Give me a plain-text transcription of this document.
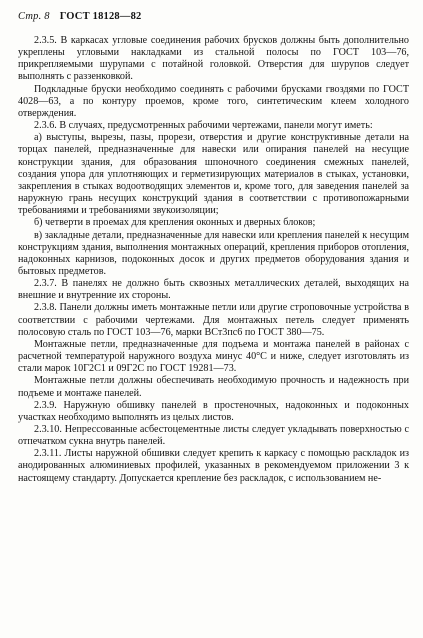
Стр. 8 ГОСТ 18128—82

2.3.5. В каркасах угловые соединения рабочих брусков должны быть дополнительно укреплены угловыми накладками из стальной полосы по ГОСТ 103—76, прикрепляемыми шурупами с потайной головкой. Отверстия для шурупов следует выполнять с раззенковкой.

Подкладные бруски необходимо соединять с рабочими брусками гвоздями по ГОСТ 4028—63, а по контуру проемов, кроме того, синтетическим клеем холодного отверждения.

2.3.6. В случаях, предусмотренных рабочими чертежами, панели могут иметь:

а) выступы, вырезы, пазы, прорези, отверстия и другие конструктивные детали на торцах панелей, предназначенные для навески или опирания панелей на несущие конструкции здания, для образования шпоночного соединения смежных панелей, создания упора для уплотняющих и герметизирующих материалов в стыках, установки, закрепления в стыках водоотводящих элементов и, кроме того, для заведения панелей за наружную грань несущих конструкций здания в соответствии с противопожарными требованиями и требованиями звукоизоляции;

б) четверти в проемах для крепления оконных и дверных блоков;

в) закладные детали, предназначенные для навески или крепления панелей к несущим конструкциям здания, выполнения монтажных операций, крепления приборов отопления, надоконных карнизов, подоконных досок и других предметов оборудования здания и бытовых предметов.

2.3.7. В панелях не должно быть сквозных металлических деталей, выходящих на внешние и внутренние их стороны.

2.3.8. Панели должны иметь монтажные петли или другие строповочные устройства в соответствии с рабочими чертежами. Для монтажных петель следует применять полосовую сталь по ГОСТ 103—76, марки ВСт3пс6 по ГОСТ 380—75.

Монтажные петли, предназначенные для подъема и монтажа панелей в районах с расчетной температурой наружного воздуха минус 40°С и ниже, следует изготовлять из стали марок 10Г2С1 и 09Г2С по ГОСТ 19281—73.

Монтажные петли должны обеспечивать необходимую прочность и надежность при подъеме и монтаже панелей.

2.3.9. Наружную обшивку панелей в простеночных, надоконных и подоконных участках необходимо выполнять из целых листов.

2.3.10. Непрессованные асбестоцементные листы следует укладывать поверхностью с отпечатком сукна внутрь панелей.

2.3.11. Листы наружной обшивки следует крепить к каркасу с помощью раскладок из анодированных алюминиевых профилей, указанных в рекомендуемом приложении 3 к настоящему стандарту. Допускается крепление без раскладок, с использованием не-
